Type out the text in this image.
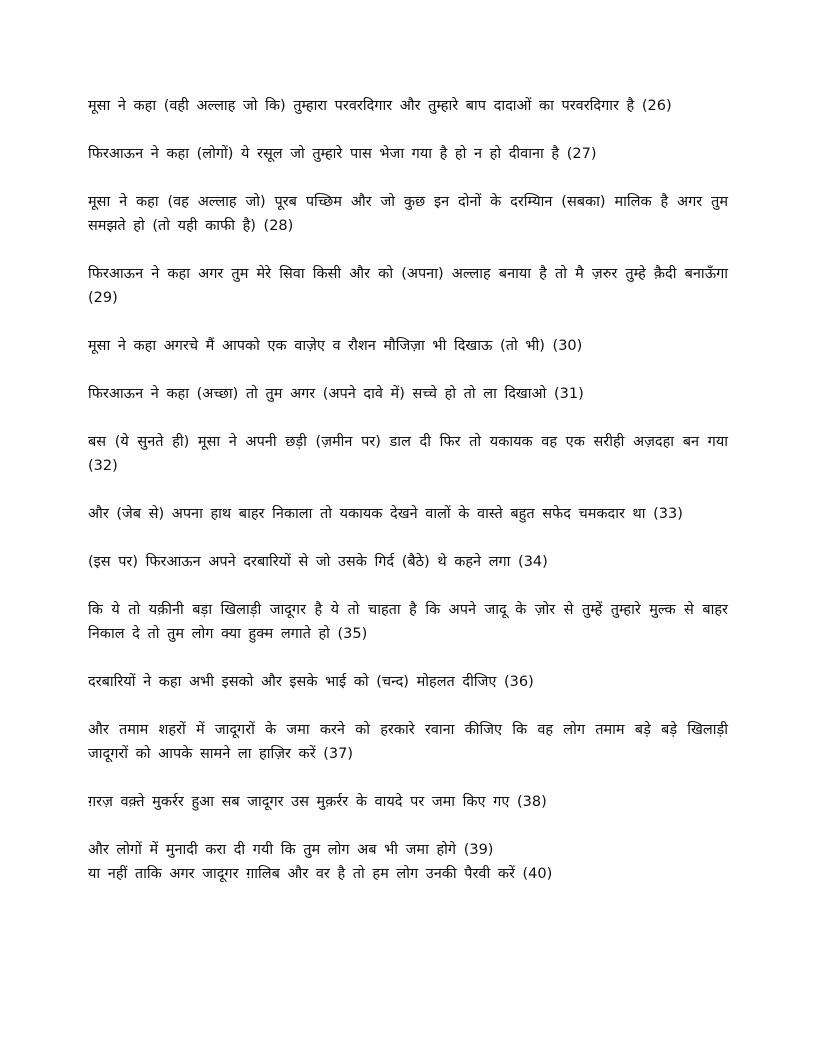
मूसा ने कहा (वही अल्लाह जो कि) तुम्हारा परवरदिगार और तुम्हारे बाप दादाओं का परवरदिगार है (26)

फिरआऊन ने कहा (लोगों) ये रसूल जो तुम्हारे पास भेजा गया है हो न हो दीवाना है (27)

मूसा ने कहा (वह अल्लाह जो) पूरब पच्छिम और जो कुछ इन दोनों के दरम्यिान (सबका) मालिक है अगर तुम समझते हो (तो यही काफी है) (28)

फिरआऊन ने कहा अगर तुम मेरे सिवा किसी और को (अपना) अल्लाह बनाया है तो मै ज़रुर तुम्हे क़ैदी बनाऊँगा (29)

मूसा ने कहा अगरचे मैं आपको एक वाज़ेए व रौशन मौजिज़ा भी दिखाऊ (तो भी) (30)

फिरआऊन ने कहा (अच्छा) तो तुम अगर (अपने दावे में) सच्चे हो तो ला दिखाओ (31)

बस (ये सुनते ही) मूसा ने अपनी छड़ी (ज़मीन पर) डाल दी फिर तो यकायक वह एक सरीही अज़दहा बन गया (32)

और (जेब से) अपना हाथ बाहर निकाला तो यकायक देखने वालों के वास्ते बहुत सफेद चमकदार था (33)

(इस पर) फिरआऊन अपने दरबारियों से जो उसके गिर्द (बैठे) थे कहने लगा (34)

कि ये तो यक़ीनी बड़ा खिलाड़ी जादूगर है ये तो चाहता है कि अपने जादू के ज़ोर से तुम्हें तुम्हारे मुल्क से बाहर निकाल दे तो तुम लोग क्या हुक्म लगाते हो (35)

दरबारियों ने कहा अभी इसको और इसके भाई को (चन्द) मोहलत दीजिए (36)

और तमाम शहरों में जादूगरों के जमा करने को हरकारे रवाना कीजिए कि वह लोग तमाम बड़े बड़े खिलाड़ी जादूगरों को आपके सामने ला हाज़िर करें (37)

ग़रज़ वक़्ते मुकर्रर हुआ सब जादूगर उस मुक़र्रर के वायदे पर जमा किए गए (38)

और लोगों में मुनादी करा दी गयी कि तुम लोग अब भी जमा होगे (39)

या नहीं ताकि अगर जादूगर ग़ालिब और वर है तो हम लोग उनकी पैरवी करें (40)
